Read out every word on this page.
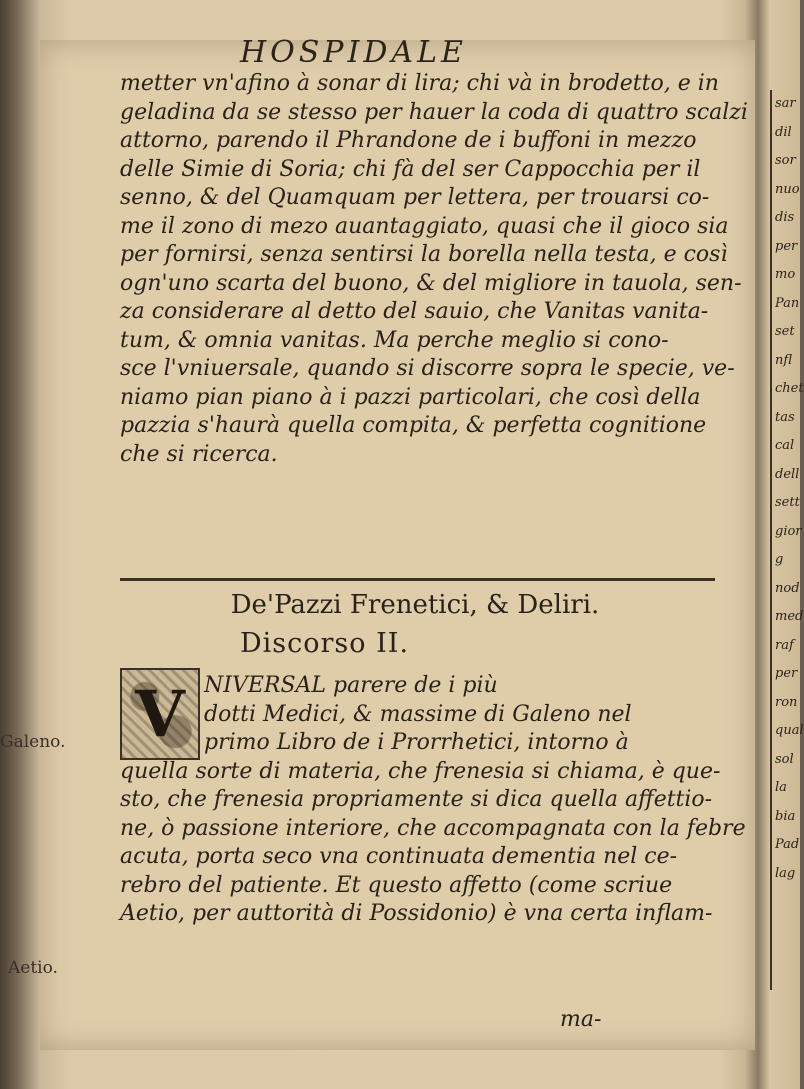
HOSPIDALE

metter vn'afino à sonar di lira; chi và in brodetto, e in

geladina da se stesso per hauer la coda di quattro scalzi

attorno, parendo il Phrandone de i buffoni in mezzo

delle Simie di Soria; chi fà del ser Cappocchia per il

senno, & del Quamquam per lettera, per trouarsi co-

me il zono di mezo auantaggiato, quasi che il gioco sia

per fornirsi, senza sentirsi la borella nella testa, e così

ogn'uno scarta del buono, & del migliore in tauola, sen-

za considerare al detto del sauio, che Vanitas vanita-

tum, & omnia vanitas. Ma perche meglio si cono-

sce l'vniuersale, quando si discorre sopra le specie, ve-

niamo pian piano à i pazzi particolari, che così della

pazzia s'haurà quella compita, & perfetta cognitione

che si ricerca.

De'Pazzi Frenetici, & Deliri.
Discorso II.
V NIVERSAL parere de i più

dotti Medici, & massime di Galeno nel

primo Libro de i Prorrhetici, intorno à

quella sorte di materia, che frenesia si chiama, è que-

sto, che frenesia propriamente si dica quella affettio-

ne, ò passione interiore, che accompagnata con la febre

acuta, porta seco vna continuata dementia nel ce-

rebro del patiente. Et questo affetto (come scriue

Aetio, per auttorità di Possidonio) è vna certa inflam-

Galeno.
Aetio.
ma-
sar
dil
sor
nuo
dis
per
mo
Pan
set
nfl
chet
tas
cal
dell
sett
gior
g
nod
med
raf
per
ron
qual
sol
la
bia
Pad
lag
